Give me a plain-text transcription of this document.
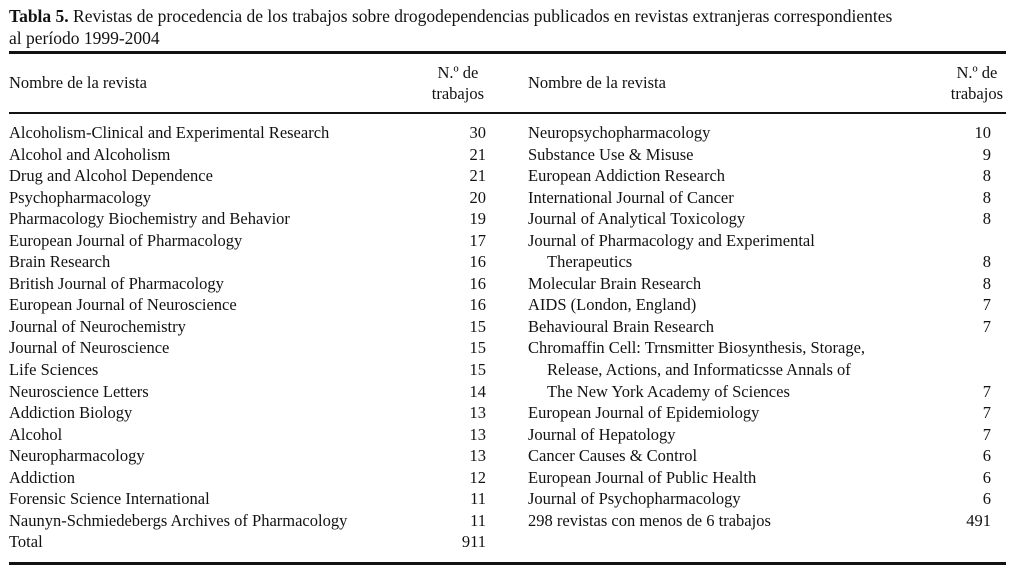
Tabla 5. Revistas de procedencia de los trabajos sobre drogodependencias publicados en revistas extranjeras correspondientes
al período 1999-2004
Nombre de la revista
N.º de
trabajos
Nombre de la revista
N.º de
trabajos
Alcoholism-Clinical and Experimental Research	30
Alcohol and Alcoholism	21
Drug and Alcohol Dependence	21
Psychopharmacology	20
Pharmacology Biochemistry and Behavior	19
European Journal of Pharmacology	17
Brain Research	16
British Journal of Pharmacology	16
European Journal of Neuroscience	16
Journal of Neurochemistry	15
Journal of Neuroscience	15
Life Sciences	15
Neuroscience Letters	14
Addiction Biology	13
Alcohol	13
Neuropharmacology	13
Addiction	12
Forensic Science International	11
Naunyn-Schmiedebergs Archives of Pharmacology	11
Total	911
Neuropsychopharmacology	10
Substance Use & Misuse	9
European Addiction Research	8
International Journal of Cancer	8
Journal of Analytical Toxicology	8
Journal of Pharmacology and Experimental
Therapeutics	8
Molecular Brain Research	8
AIDS (London, England)	7
Behavioural Brain Research	7
Chromaffin Cell: Trnsmitter Biosynthesis, Storage,
Release, Actions, and Informaticsse Annals of
The New York Academy of Sciences	7
European Journal of Epidemiology	7
Journal of Hepatology	7
Cancer Causes & Control	6
European Journal of Public Health	6
Journal of Psychopharmacology	6
298 revistas con menos de 6 trabajos	491
